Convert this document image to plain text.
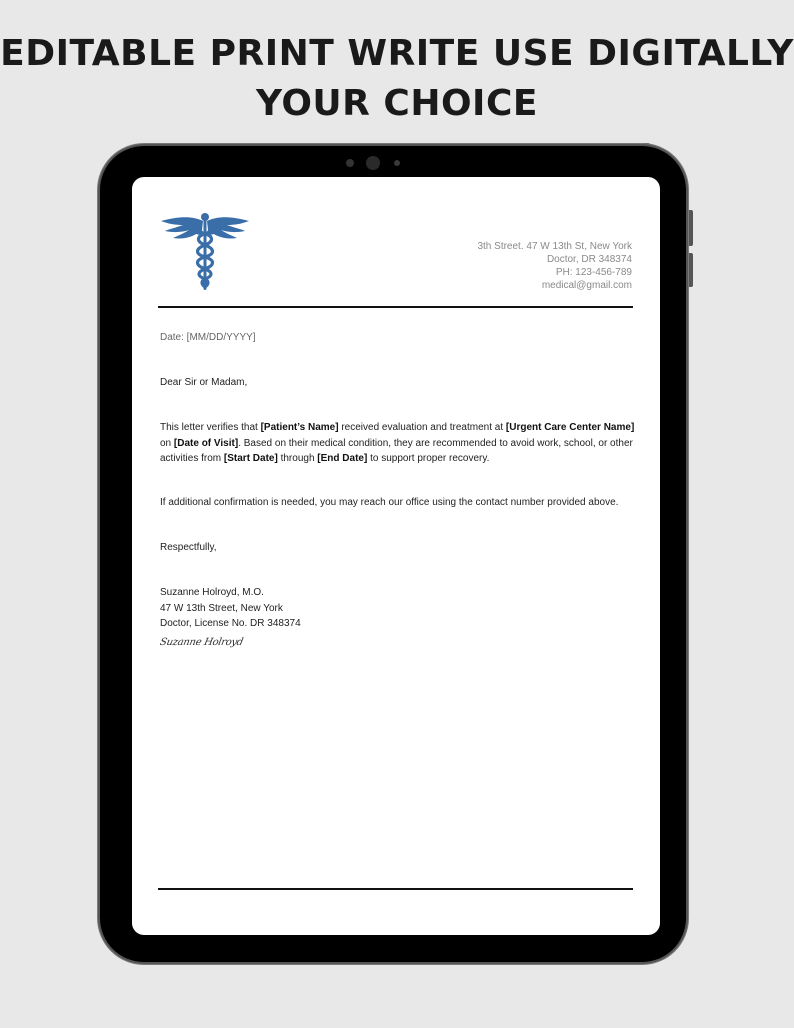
EDITABLE PRINT WRITE USE DIGITALLY
YOUR CHOICE
3th Street. 47 W 13th St, New York
Doctor, DR 348374
PH: 123-456-789
medical@gmail.com
Date: [MM/DD/YYYY]
Dear Sir or Madam,
This letter verifies that [Patient’s Name] received evaluation and treatment at [Urgent Care Center Name]
on [Date of Visit]. Based on their medical condition, they are recommended to avoid work, school, or other activities from [Start Date] through [End Date] to support proper recovery.
If additional confirmation is needed, you may reach our office using the contact number provided above.
Respectfully,
Suzanne Holroyd, M.O.
47 W 13th Street, New York
Doctor, License No. DR 348374
Suzanne Holroyd
